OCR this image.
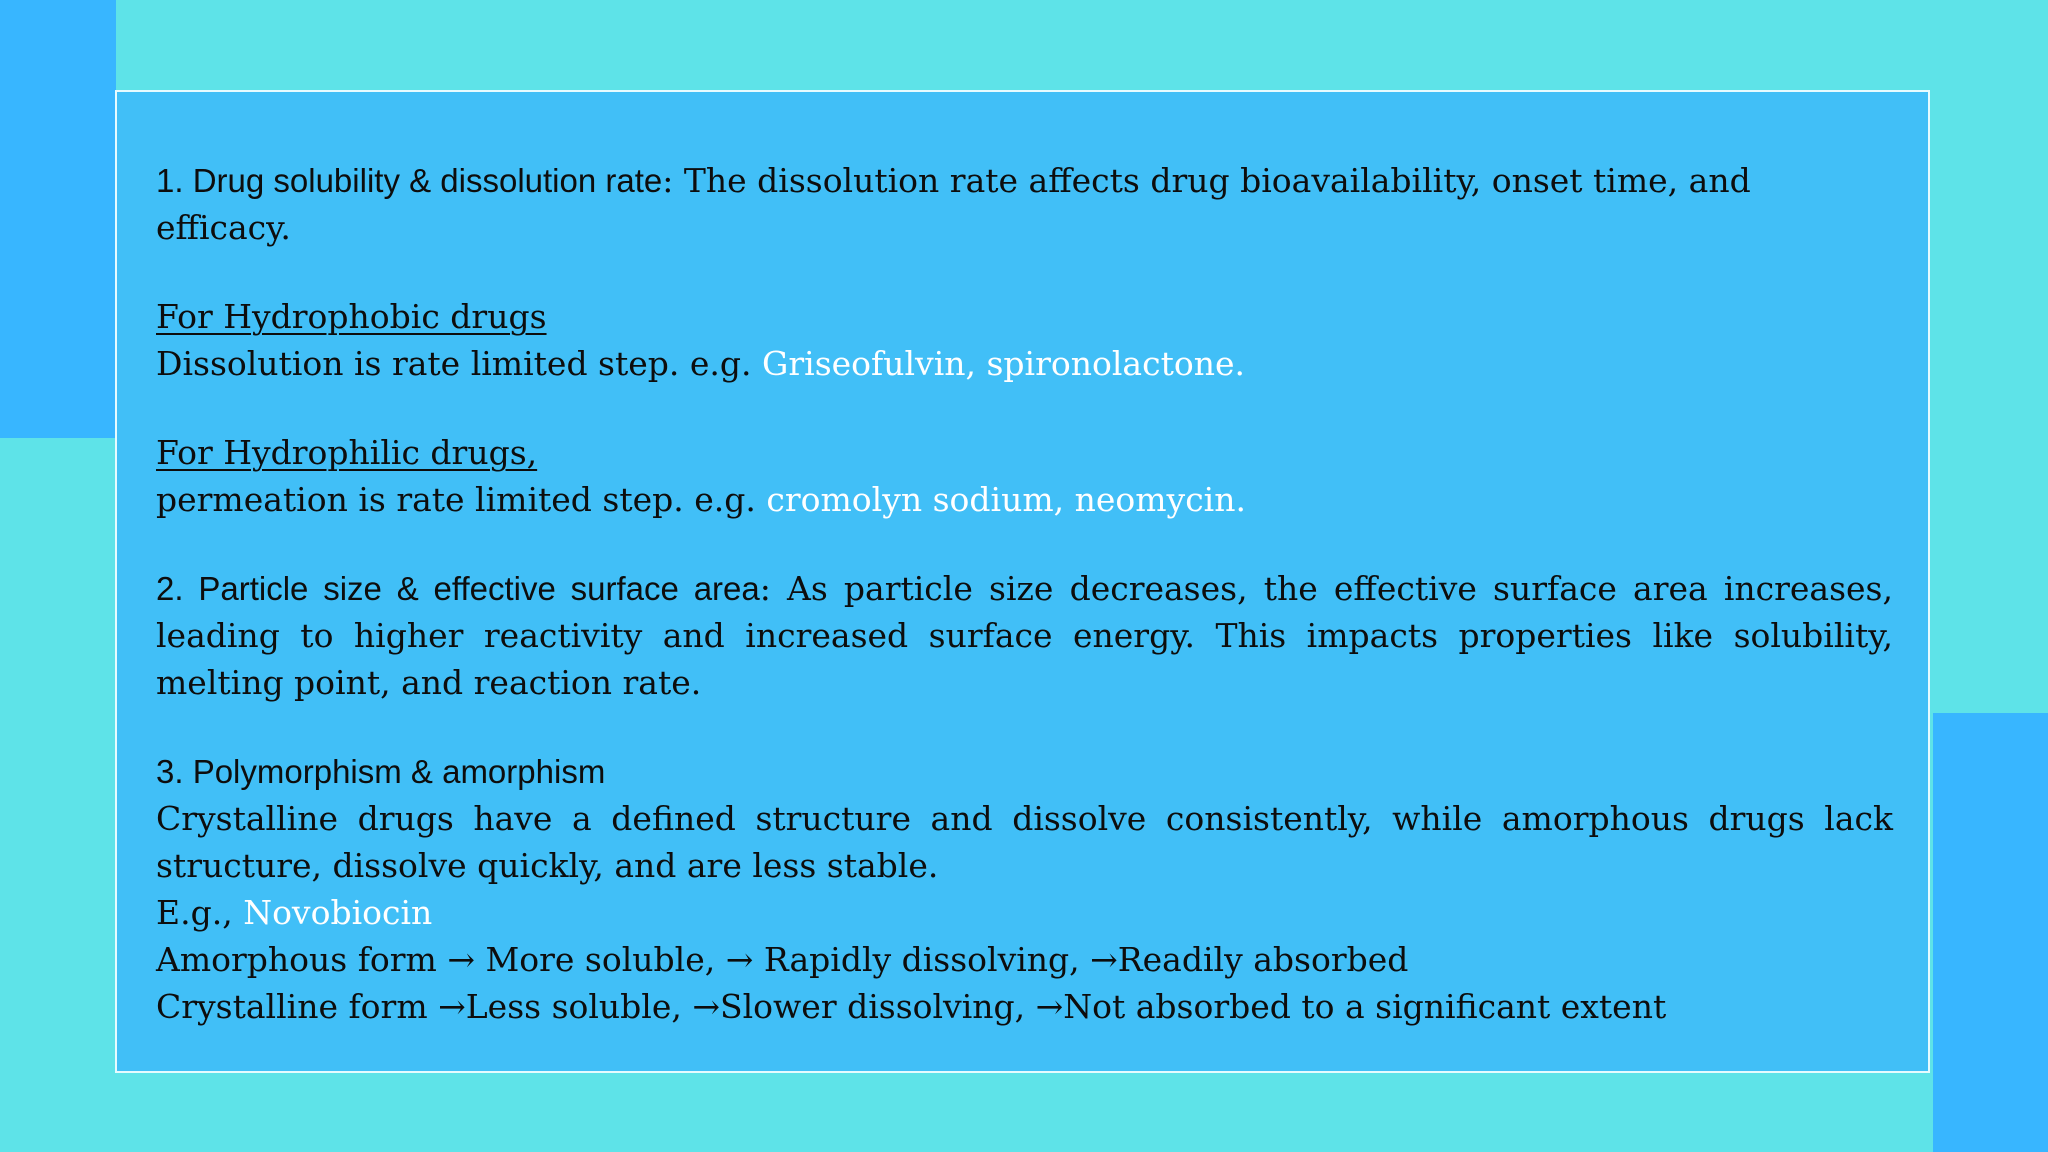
1. Drug solubility & dissolution rate: The dissolution rate affects drug bioavailability, onset time, and efficacy.

For Hydrophobic drugs

Dissolution is rate limited step. e.g. Griseofulvin, spironolactone.

For Hydrophilic drugs,

permeation is rate limited step. e.g. cromolyn sodium, neomycin.

2. Particle size & effective surface area: As particle size decreases, the effective surface area increases, leading to higher reactivity and increased surface energy. This impacts properties like solubility, melting point, and reaction rate.

3. Polymorphism & amorphism

Crystalline drugs have a defined structure and dissolve consistently, while amorphous drugs lack structure, dissolve quickly, and are less stable.

E.g., Novobiocin

Amorphous form → More soluble, → Rapidly dissolving, →Readily absorbed

Crystalline form →Less soluble, →Slower dissolving, →Not absorbed to a significant extent
